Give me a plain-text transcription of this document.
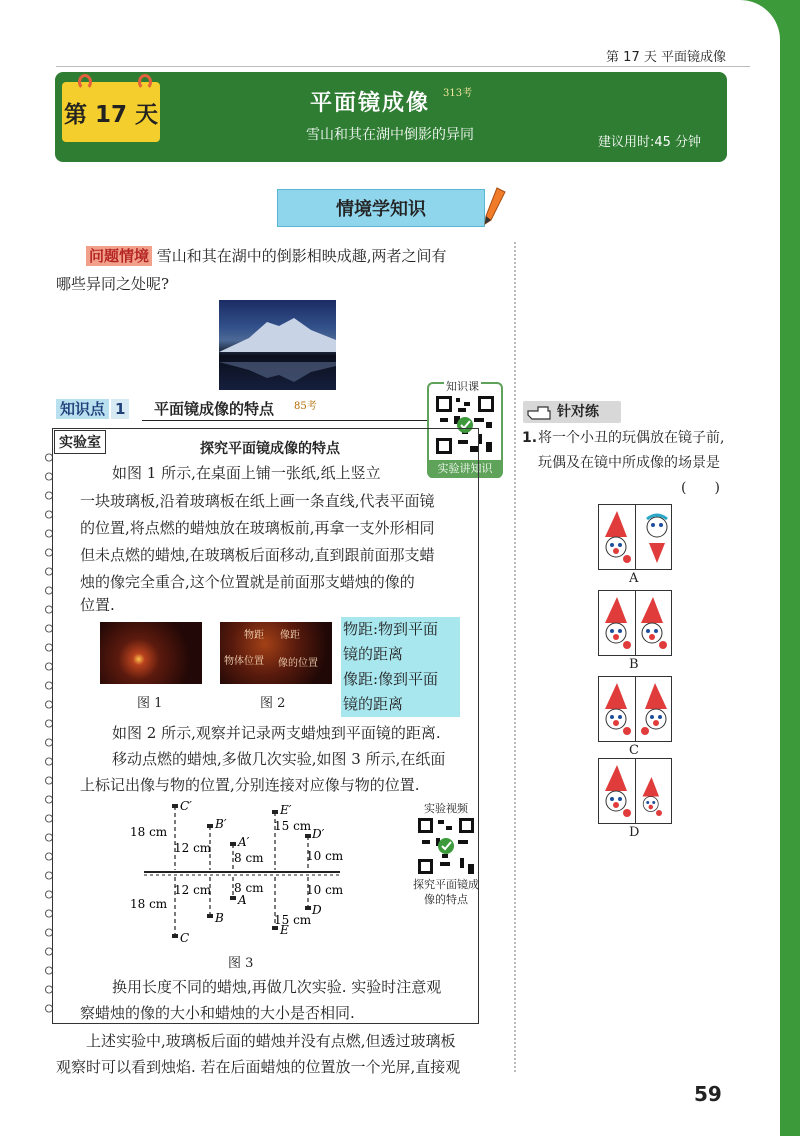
第 17 天 平面镜成像
第 17 天	平面镜成像	313考
雪山和其在湖中倒影的异同	建议用时:45 分钟
情境学知识
问题情境 雪山和其在湖中的倒影相映成趣,两者之间有
哪些异同之处呢?
知识点 1 平面镜成像的特点 85考
知识课
实验讲知识
实验室	探究平面镜成像的特点
如图 1 所示,在桌面上铺一张纸,纸上竖立
一块玻璃板,沿着玻璃板在纸上画一条直线,代表平面镜
的位置,将点燃的蜡烛放在玻璃板前,再拿一支外形相同
但未点燃的蜡烛,在玻璃板后面移动,直到跟前面那支蜡
烛的像完全重合,这个位置就是前面那支蜡烛的像的
位置.
物距 像距
物体位置 像的位置
图 1	图 2
物距:物到平面
镜的距离
像距:像到平面
镜的距离
如图 2 所示,观察并记录两支蜡烛到平面镜的距离.
移动点燃的蜡烛,多做几次实验,如图 3 所示,在纸面
上标记出像与物的位置,分别连接对应像与物的位置.
C′
B′
A′
E′
D′
C
B
A
E
D
18 cm
12 cm
8 cm
15 cm
10 cm
18 cm
12 cm 8 cm
15 cm
10 cm
图 3
实验视频
探究平面镜成像的特点
换用长度不同的蜡烛,再做几次实验. 实验时注意观
察蜡烛的像的大小和蜡烛的大小是否相同.
上述实验中,玻璃板后面的蜡烛并没有点燃,但透过玻璃板
观察时可以看到烛焰. 若在后面蜡烛的位置放一个光屏,直接观
针对练
1. 将一个小丑的玩偶放在镜子前,玩偶及在镜中所成像的场景是
(　　)
A
B
C
D
59
